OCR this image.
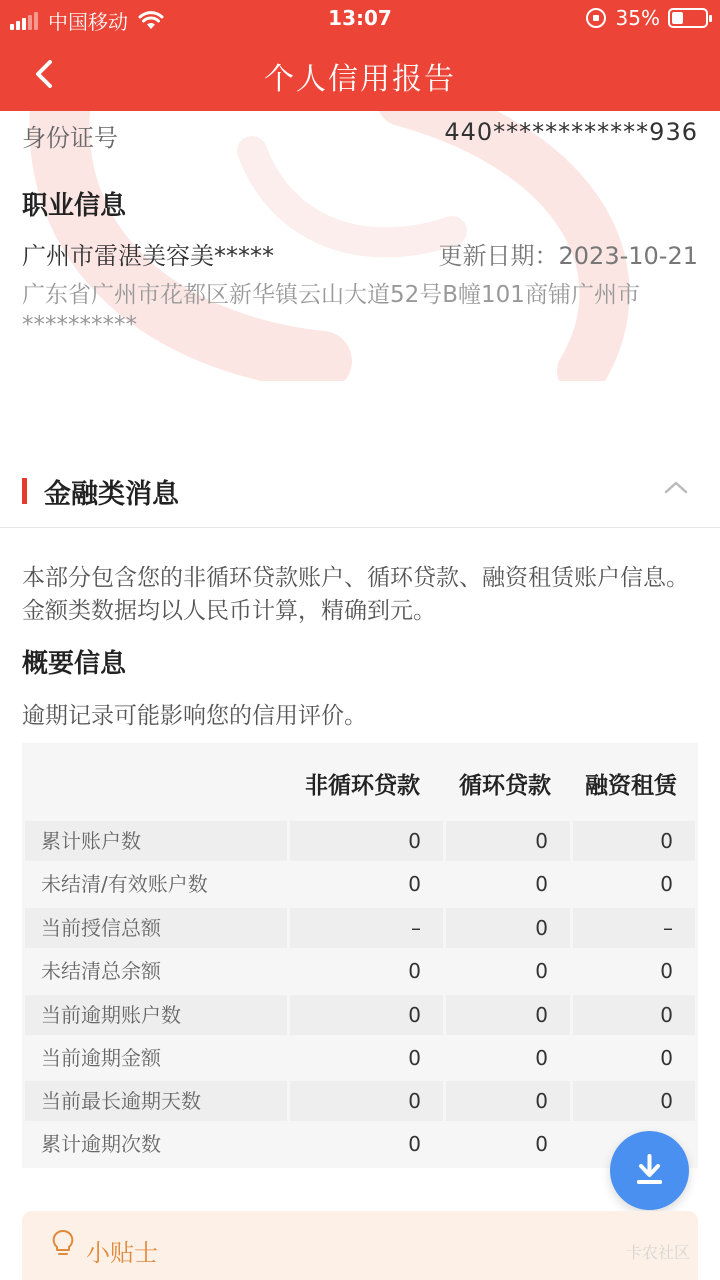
中国移动	13:07	35%
个人信用报告
身份证号	440************936
职业信息
广州市雷湛美容美*****	更新日期：2023-10-21
广东省广州市花都区新华镇云山大道52号B幢101商铺广州市**********
金融类消息
本部分包含您的非循环贷款账户、循环贷款、融资租赁账户信息。金额类数据均以人民币计算，精确到元。
概要信息
逾期记录可能影响您的信用评价。
非循环贷款 循环贷款 融资租赁
累计账户数	0	0	0
未结清/有效账户数	0	0	0
当前授信总额	–	0	–
未结清总余额	0	0	0
当前逾期账户数	0	0	0
当前逾期金额	0	0	0
当前最长逾期天数	0	0	0
累计逾期次数	0	0
小贴士	卡农社区
